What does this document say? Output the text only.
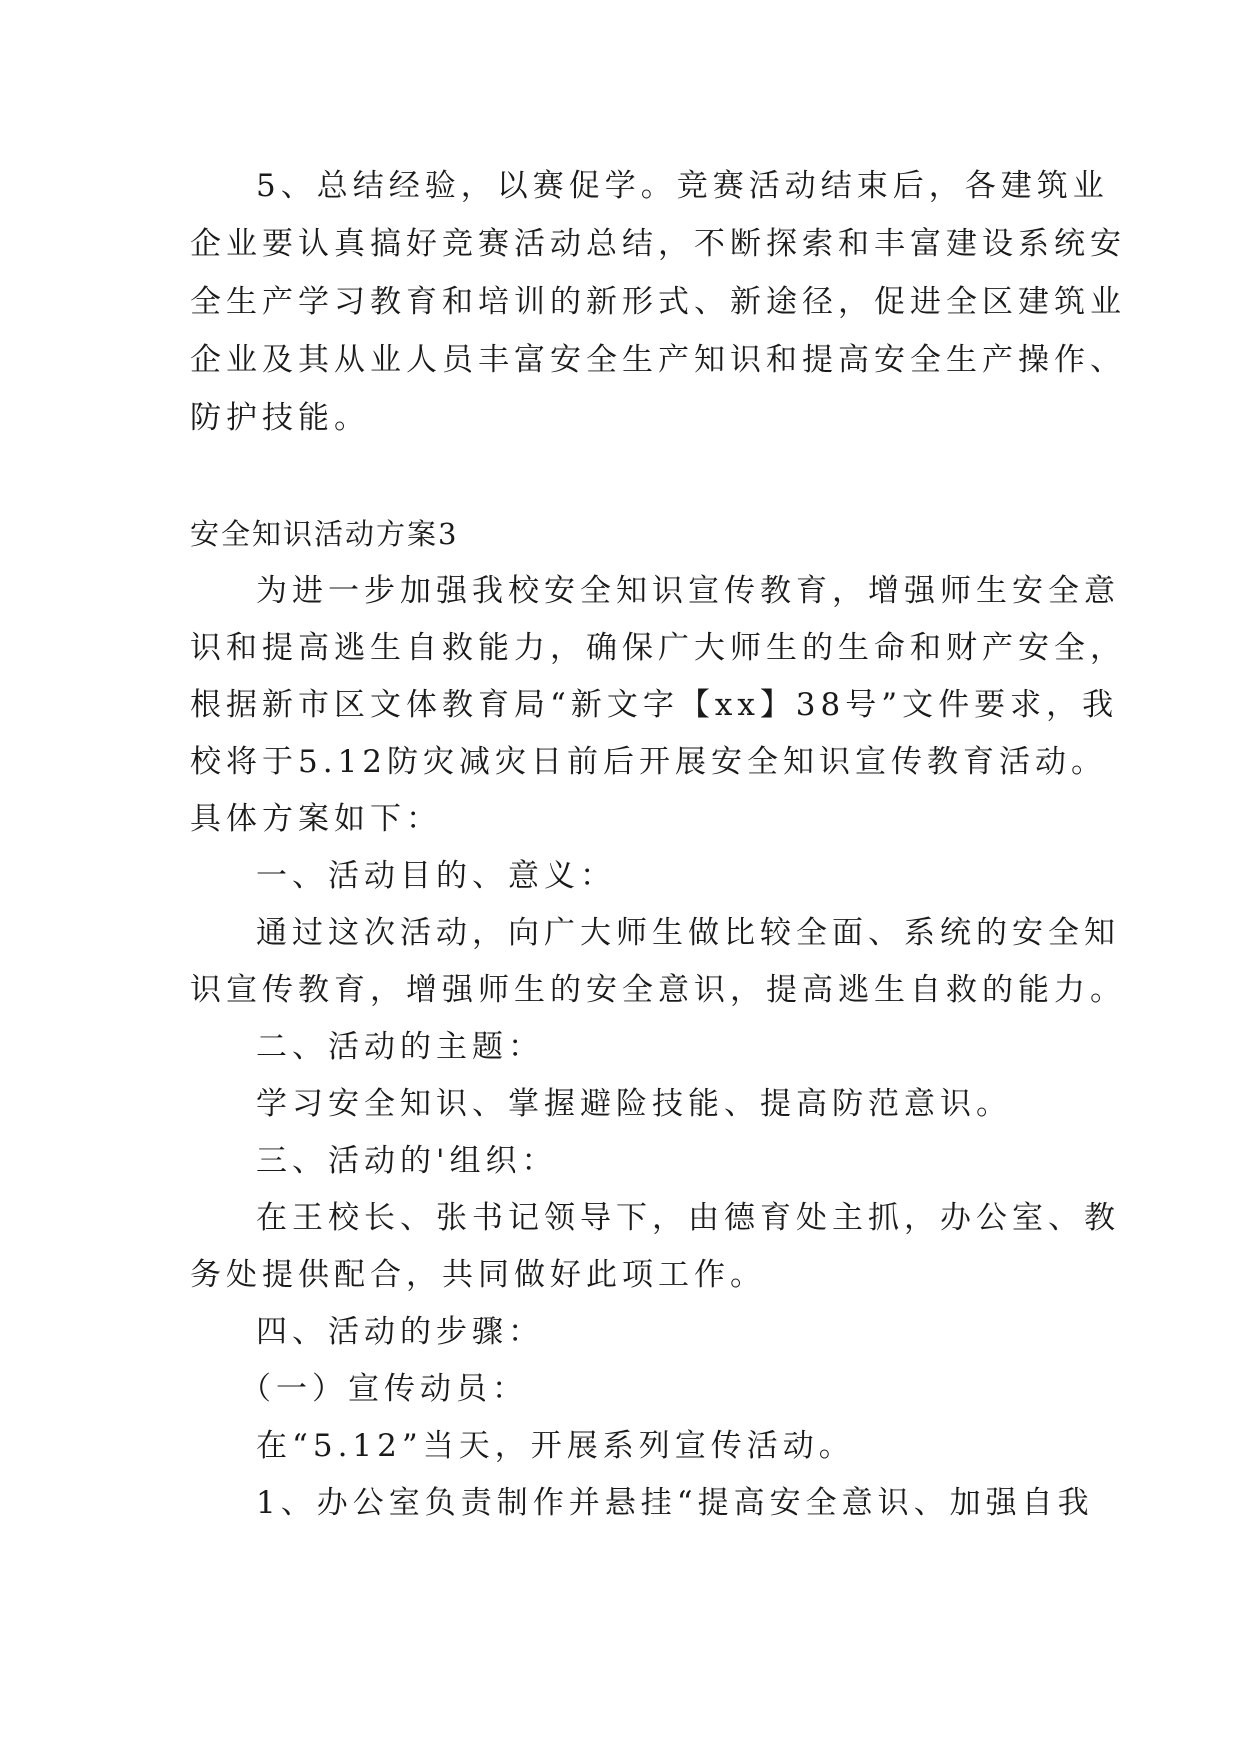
5、总结经验，以赛促学。竞赛活动结束后，各建筑业

企业要认真搞好竞赛活动总结，不断探索和丰富建设系统安

全生产学习教育和培训的新形式、新途径，促进全区建筑业

企业及其从业人员丰富安全生产知识和提高安全生产操作、

防护技能。

安全知识活动方案3

为进一步加强我校安全知识宣传教育，增强师生安全意

识和提高逃生自救能力，确保广大师生的生命和财产安全，

根据新市区文体教育局“新文字【xx】38号”文件要求，我

校将于5.12防灾减灾日前后开展安全知识宣传教育活动。

具体方案如下：

一、活动目的、意义：

通过这次活动，向广大师生做比较全面、系统的安全知

识宣传教育，增强师生的安全意识，提高逃生自救的能力。

二、活动的主题：

学习安全知识、掌握避险技能、提高防范意识。

三、活动的'组织：

在王校长、张书记领导下，由德育处主抓，办公室、教

务处提供配合，共同做好此项工作。

四、活动的步骤：

（一）宣传动员：

在“5.12”当天，开展系列宣传活动。

1、办公室负责制作并悬挂“提高安全意识、加强自我
